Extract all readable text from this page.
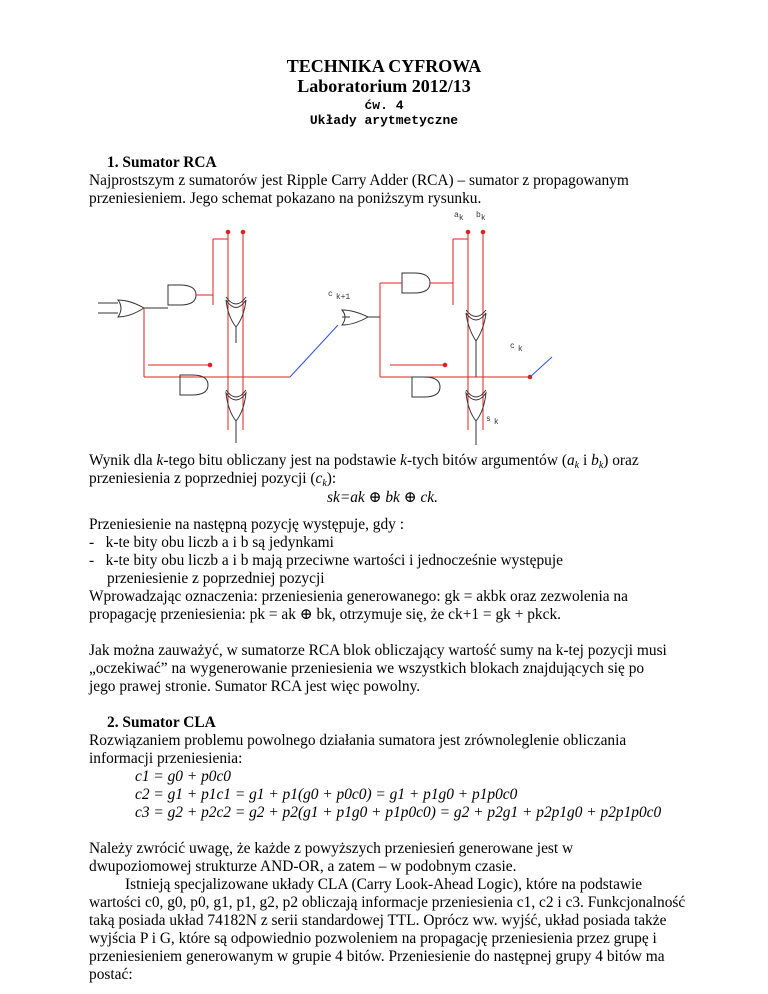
TECHNIKA CYFROWA
Laboratorium 2012/13
ćw. 4
Układy arytmetyczne
1. Sumator RCA
Najprostszym z sumatorów jest Ripple Carry Adder (RCA) – sumator z propagowanym
przeniesieniem. Jego schemat pokazano na poniższym rysunku.
ak bk
c k+1
c k
s k
Wynik dla k-tego bitu obliczany jest na podstawie k-tych bitów argumentów ($a_k$ i $b_k$) oraz
przeniesienia z poprzedniej pozycji $(c_k)$:
sk=ak ⊕ bk ⊕ ck.
Przeniesienie na następną pozycję występuje, gdy :
-   k-te bity obu liczb a i b są jedynkami
-   k-te bity obu liczb a i b mają przeciwne wartości i jednocześnie występuje
przeniesienie z poprzedniej pozycji
Wprowadzając oznaczenia: przeniesienia generowanego: gk = akbk oraz zezwolenia na
propagację przeniesienia: pk = ak ⊕ bk, otrzymuje się, że ck+1 = gk + pkck.
Jak można zauważyć, w sumatorze RCA blok obliczający wartość sumy na k-tej pozycji musi
„oczekiwać” na wygenerowanie przeniesienia we wszystkich blokach znajdujących się po
jego prawej stronie. Sumator RCA jest więc powolny.
2. Sumator CLA
Rozwiązaniem problemu powolnego działania sumatora jest zrównoleglenie obliczania
informacji przeniesienia:
c1 = g0 + p0c0
c2 = g1 + p1c1 = g1 + p1(g0 + p0c0) = g1 + p1g0 + p1p0c0
c3 = g2 + p2c2 = g2 + p2(g1 + p1g0 + p1p0c0) = g2 + p2g1 + p2p1g0 + p2p1p0c0
Należy zwrócić uwagę, że każde z powyższych przeniesień generowane jest w
dwupoziomowej strukturze AND-OR, a zatem – w podobnym czasie.
Istnieją specjalizowane układy CLA (Carry Look-Ahead Logic), które na podstawie
wartości c0, g0, p0, g1, p1, g2, p2 obliczają informacje przeniesienia c1, c2 i c3. Funkcjonalność
taką posiada układ 74182N z serii standardowej TTL. Oprócz ww. wyjść, układ posiada także
wyjścia P i G, które są odpowiednio pozwoleniem na propagację przeniesienia przez grupę i
przeniesieniem generowanym w grupie 4 bitów. Przeniesienie do następnej grupy 4 bitów ma
postać:
